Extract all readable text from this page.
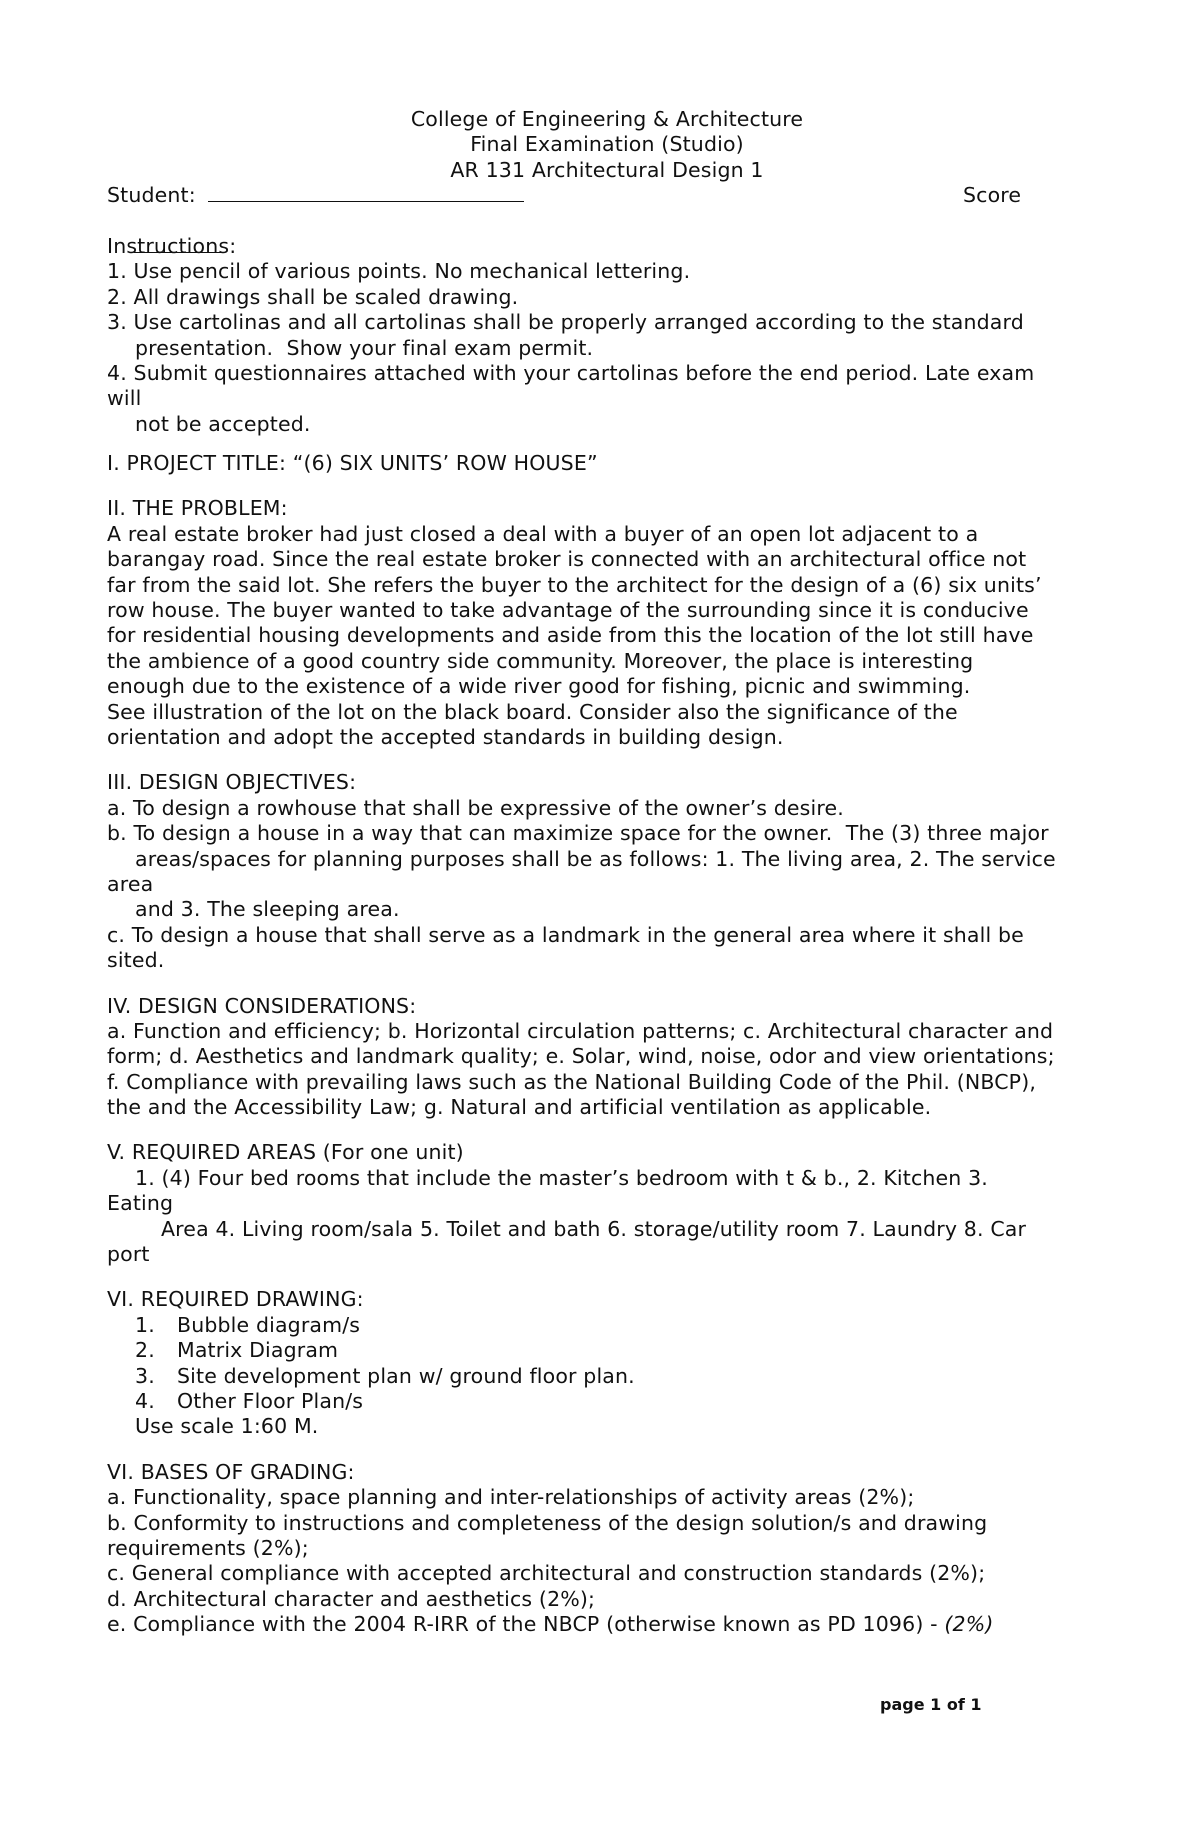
College of Engineering & Architecture
Final Examination (Studio)
AR 131 Architectural Design 1
Student:	Score

Instructions:
1. Use pencil of various points. No mechanical lettering.
2. All drawings shall be scaled drawing.
3. Use cartolinas and all cartolinas shall be properly arranged according to the standard
presentation.  Show your final exam permit.
4. Submit questionnaires attached with your cartolinas before the end period. Late exam
will
not be accepted.
I. PROJECT TITLE: “(6) SIX UNITS’ ROW HOUSE”
II. THE PROBLEM:
A real estate broker had just closed a deal with a buyer of an open lot adjacent to a
barangay road. Since the real estate broker is connected with an architectural office not
far from the said lot. She refers the buyer to the architect for the design of a (6) six units’
row house. The buyer wanted to take advantage of the surrounding since it is conducive
for residential housing developments and aside from this the location of the lot still have
the ambience of a good country side community. Moreover, the place is interesting
enough due to the existence of a wide river good for fishing, picnic and swimming.
See illustration of the lot on the black board. Consider also the significance of the
orientation and adopt the accepted standards in building design.
III. DESIGN OBJECTIVES:
a. To design a rowhouse that shall be expressive of the owner’s desire.
b. To design a house in a way that can maximize space for the owner.  The (3) three major
areas/spaces for planning purposes shall be as follows: 1. The living area, 2. The service
area
and 3. The sleeping area.
c. To design a house that shall serve as a landmark in the general area where it shall be
sited.
IV. DESIGN CONSIDERATIONS:
a. Function and efficiency; b. Horizontal circulation patterns; c. Architectural character and
form; d. Aesthetics and landmark quality; e. Solar, wind, noise, odor and view orientations;
f. Compliance with prevailing laws such as the National Building Code of the Phil. (NBCP),
the and the Accessibility Law; g. Natural and artificial ventilation as applicable.
V. REQUIRED AREAS (For one unit)
1. (4) Four bed rooms that include the master’s bedroom with t & b., 2. Kitchen 3.
Eating
Area 4. Living room/sala 5. Toilet and bath 6. storage/utility room 7. Laundry 8. Car
port
VI. REQUIRED DRAWING:
1. Bubble diagram/s
2. Matrix Diagram
3. Site development plan w/ ground floor plan.
4. Other Floor Plan/s
Use scale 1:60 M.
VI. BASES OF GRADING:
a. Functionality, space planning and inter-relationships of activity areas (2%);
b. Conformity to instructions and completeness of the design solution/s and drawing
requirements (2%);
c. General compliance with accepted architectural and construction standards (2%);
d. Architectural character and aesthetics (2%);
e. Compliance with the 2004 R-IRR of the NBCP (otherwise known as PD 1096) - (2%)
page 1 of 1
